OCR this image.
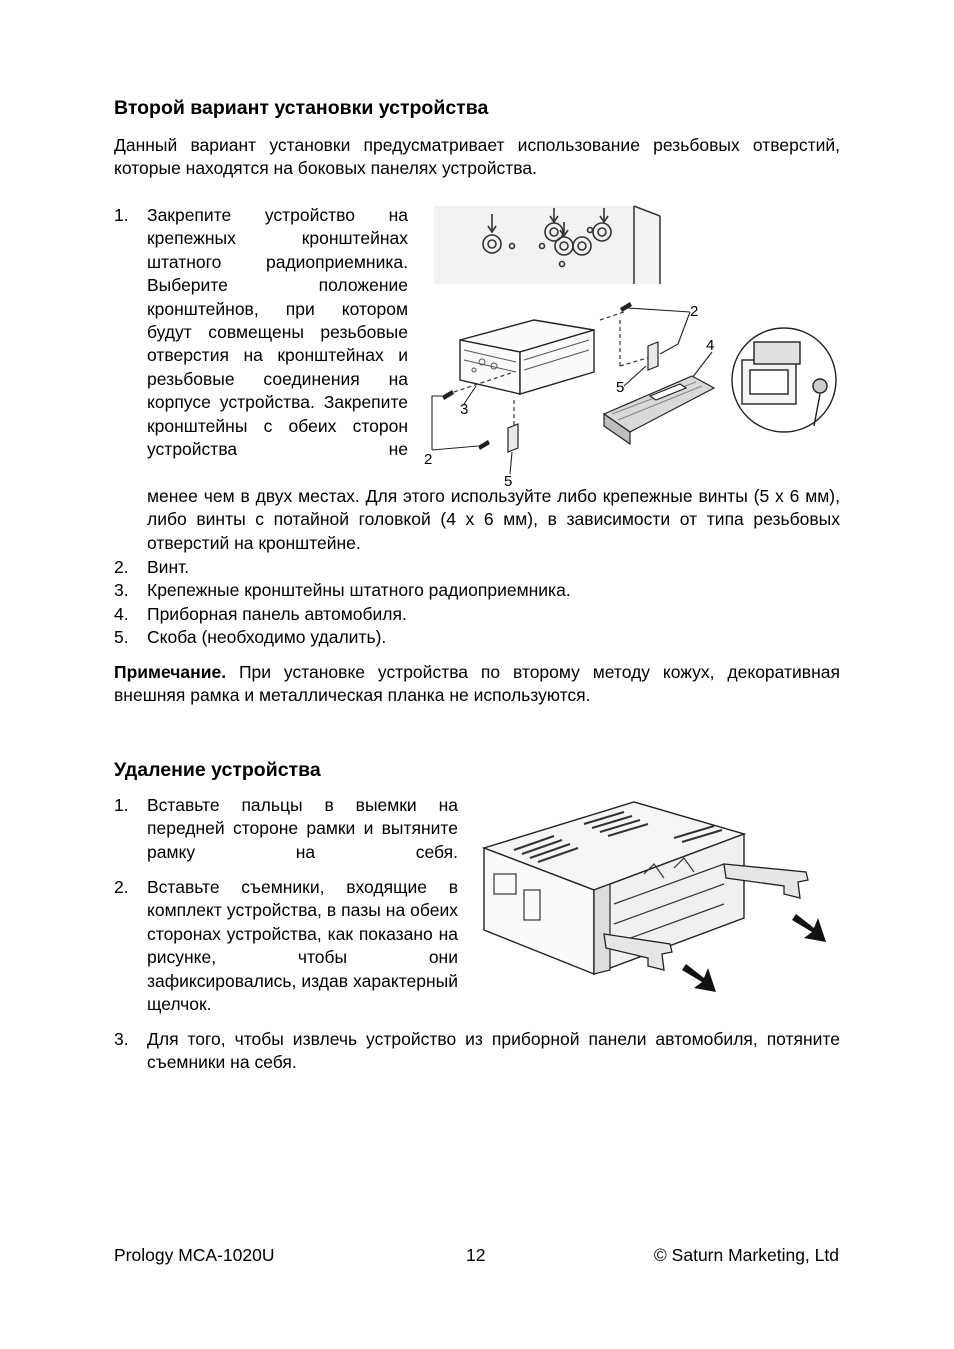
Второй вариант установки устройства
Данный вариант установки предусматривает использование резьбовых отверстий, которые находятся на боковых панелях устройства.
1. Закрепите устройство на крепежных кронштейнах штатного радиоприемника. Выберите положение кронштейнов, при котором будут совмещены резьбовые отверстия на кронштейнах и резьбовые соединения на корпусе устройства. Закрепите кронштейны с обеих сторон устройства не
менее чем в двух местах. Для этого используйте либо крепежные винты (5 х 6 мм), либо винты с потайной головкой (4 х 6 мм), в зависимости от типа резьбовых отверстий на кронштейне.
2
2
3
4
5
5
2. Винт.
3. Крепежные кронштейны штатного радиоприемника.
4. Приборная панель автомобиля.
5. Скоба (необходимо удалить).
Примечание. При установке устройства по второму методу кожух, декоративная внешняя рамка и металлическая планка не используются.
Удаление устройства
1. Вставьте пальцы в выемки на передней стороне рамки и вытяните рамку на себя.
2. Вставьте съемники, входящие в комплект устройства, в пазы на обеих сторонах устройства, как показано на рисунке, чтобы они зафиксировались, издав характерный щелчок.
3. Для того, чтобы извлечь устройство из приборной панели автомобиля, потяните съемники на себя.
Prology MCA-1020U	12	© Saturn Marketing, Ltd
